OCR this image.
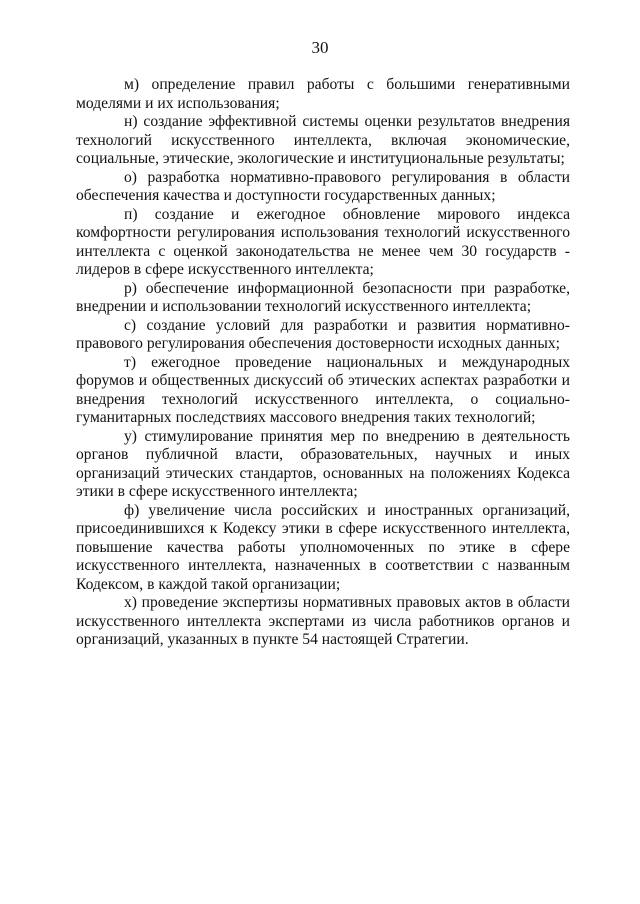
30

м) определение правил работы с большими генеративными моделями и их использования;

н) создание эффективной системы оценки результатов внедрения технологий искусственного интеллекта, включая экономические, социальные, этические, экологические и институциональные результаты;

о) разработка нормативно-правового регулирования в области обеспечения качества и доступности государственных данных;

п) создание и ежегодное обновление мирового индекса комфортности регулирования использования технологий искусственного интеллекта с оценкой законодательства не менее чем 30 государств - лидеров в сфере искусственного интеллекта;

р) обеспечение информационной безопасности при разработке, внедрении и использовании технологий искусственного интеллекта;

с) создание условий для разработки и развития нормативно-правового регулирования обеспечения достоверности исходных данных;

т) ежегодное проведение национальных и международных форумов и общественных дискуссий об этических аспектах разработки и внедрения технологий искусственного интеллекта, о социально-гуманитарных последствиях массового внедрения таких технологий;

у) стимулирование принятия мер по внедрению в деятельность органов публичной власти, образовательных, научных и иных организаций этических стандартов, основанных на положениях Кодекса этики в сфере искусственного интеллекта;

ф) увеличение числа российских и иностранных организаций, присоединившихся к Кодексу этики в сфере искусственного интеллекта, повышение качества работы уполномоченных по этике в сфере искусственного интеллекта, назначенных в соответствии с названным Кодексом, в каждой такой организации;

х) проведение экспертизы нормативных правовых актов в области искусственного интеллекта экспертами из числа работников органов и организаций, указанных в пункте 54 настоящей Стратегии.
